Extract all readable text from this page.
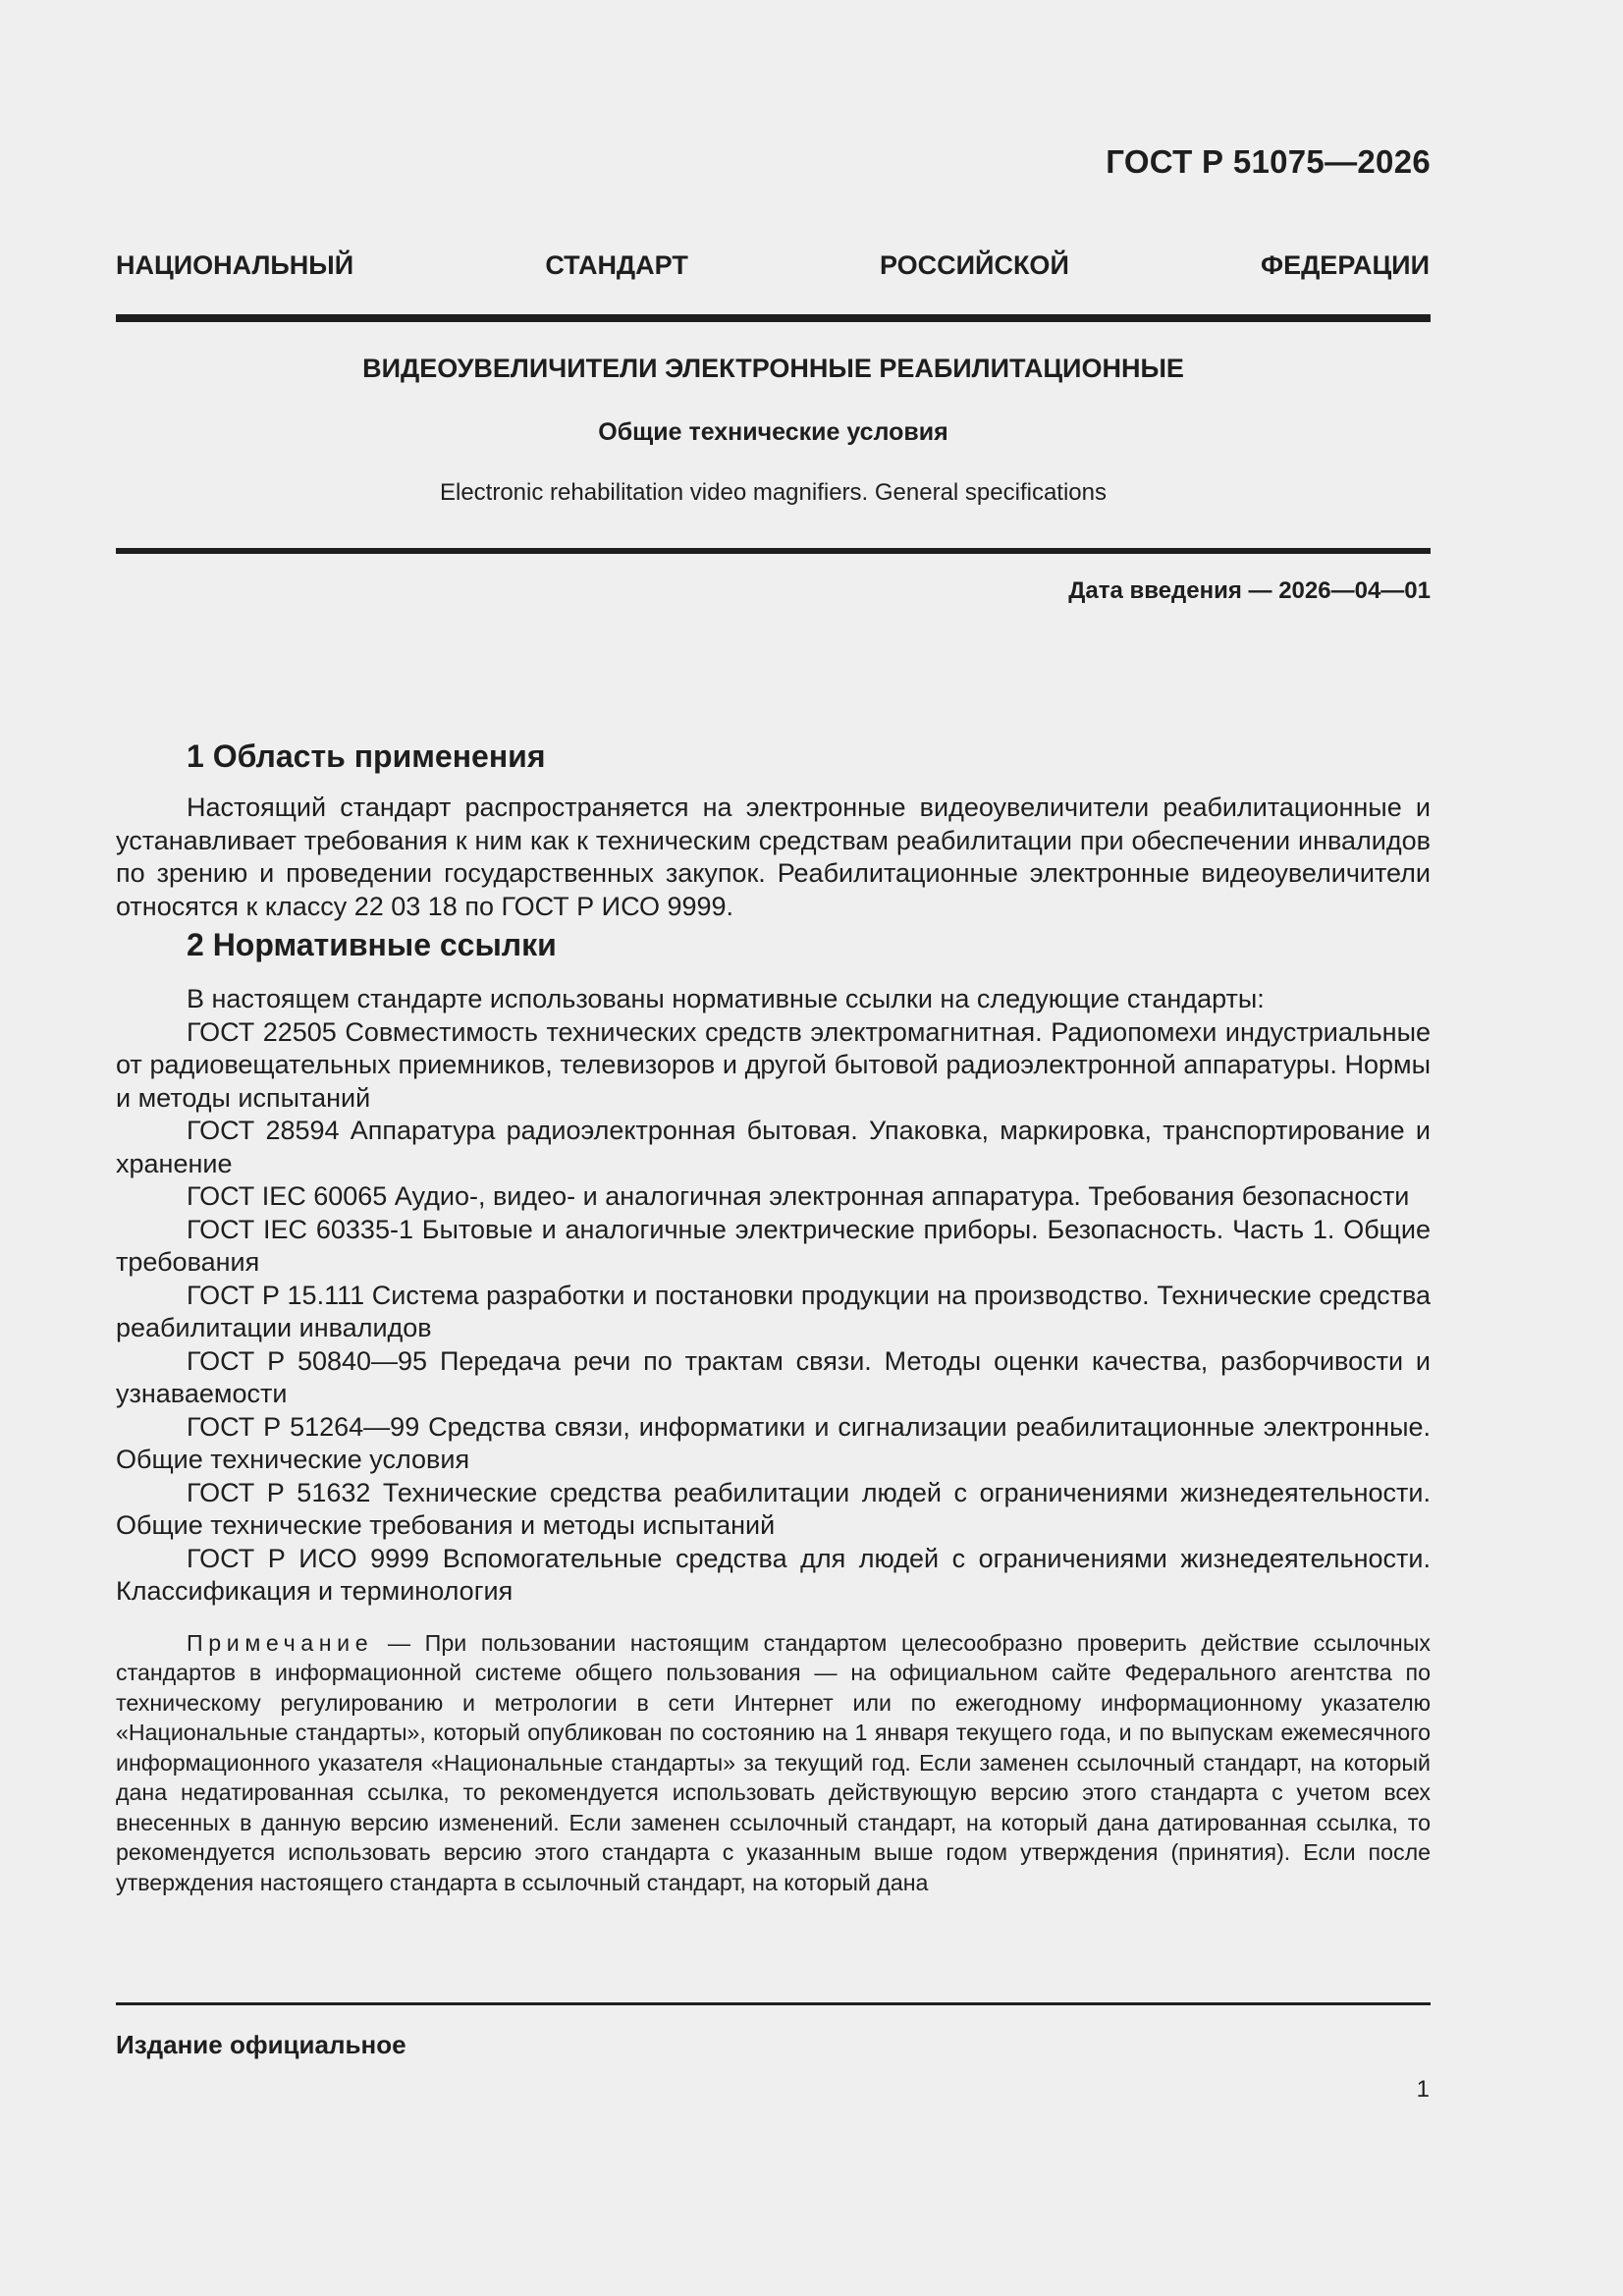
ГОСТ Р 51075—2026
НАЦИОНАЛЬНЫЙ СТАНДАРТ РОССИЙСКОЙ ФЕДЕРАЦИИ
ВИДЕОУВЕЛИЧИТЕЛИ ЭЛЕКТРОННЫЕ РЕАБИЛИТАЦИОННЫЕ
Общие технические условия
Electronic rehabilitation video magnifiers. General specifications
Дата введения — 2026—04—01
1 Область применения

Настоящий стандарт распространяется на электронные видеоувеличители реабилитационные и устанавливает требования к ним как к техническим средствам реабилитации при обеспечении инвалидов по зрению и проведении государственных закупок. Реабилитационные электронные видеоувеличители относятся к классу 22 03 18 по ГОСТ Р ИСО 9999.

2 Нормативные ссылки

В настоящем стандарте использованы нормативные ссылки на следующие стандарты:

ГОСТ 22505 Совместимость технических средств электромагнитная. Радиопомехи индустриальные от радиовещательных приемников, телевизоров и другой бытовой радиоэлектронной аппаратуры. Нормы и методы испытаний

ГОСТ 28594 Аппаратура радиоэлектронная бытовая. Упаковка, маркировка, транспортирование и хранение

ГОСТ IEC 60065 Аудио-, видео- и аналогичная электронная аппаратура. Требования безопасности

ГОСТ IEC 60335-1 Бытовые и аналогичные электрические приборы. Безопасность. Часть 1. Общие требования

ГОСТ Р 15.111 Система разработки и постановки продукции на производство. Технические средства реабилитации инвалидов

ГОСТ Р 50840—95 Передача речи по трактам связи. Методы оценки качества, разборчивости и узнаваемости

ГОСТ Р 51264—99 Средства связи, информатики и сигнализации реабилитационные электронные. Общие технические условия

ГОСТ Р 51632 Технические средства реабилитации людей с ограничениями жизнедеятельности. Общие технические требования и методы испытаний

ГОСТ Р ИСО 9999 Вспомогательные средства для людей с ограничениями жизнедеятельности. Классификация и терминология

Примечание — При пользовании настоящим стандартом целесообразно проверить действие ссылочных стандартов в информационной системе общего пользования — на официальном сайте Федерального агентства по техническому регулированию и метрологии в сети Интернет или по ежегодному информационному указателю «Национальные стандарты», который опубликован по состоянию на 1 января текущего года, и по выпускам ежемесячного информационного указателя «Национальные стандарты» за текущий год. Если заменен ссылочный стандарт, на который дана недатированная ссылка, то рекомендуется использовать действующую версию этого стандарта с учетом всех внесенных в данную версию изменений. Если заменен ссылочный стандарт, на который дана датированная ссылка, то рекомендуется использовать версию этого стандарта с указанным выше годом утверждения (принятия). Если после утверждения настоящего стандарта в ссылочный стандарт, на который дана

Издание официальное
1
